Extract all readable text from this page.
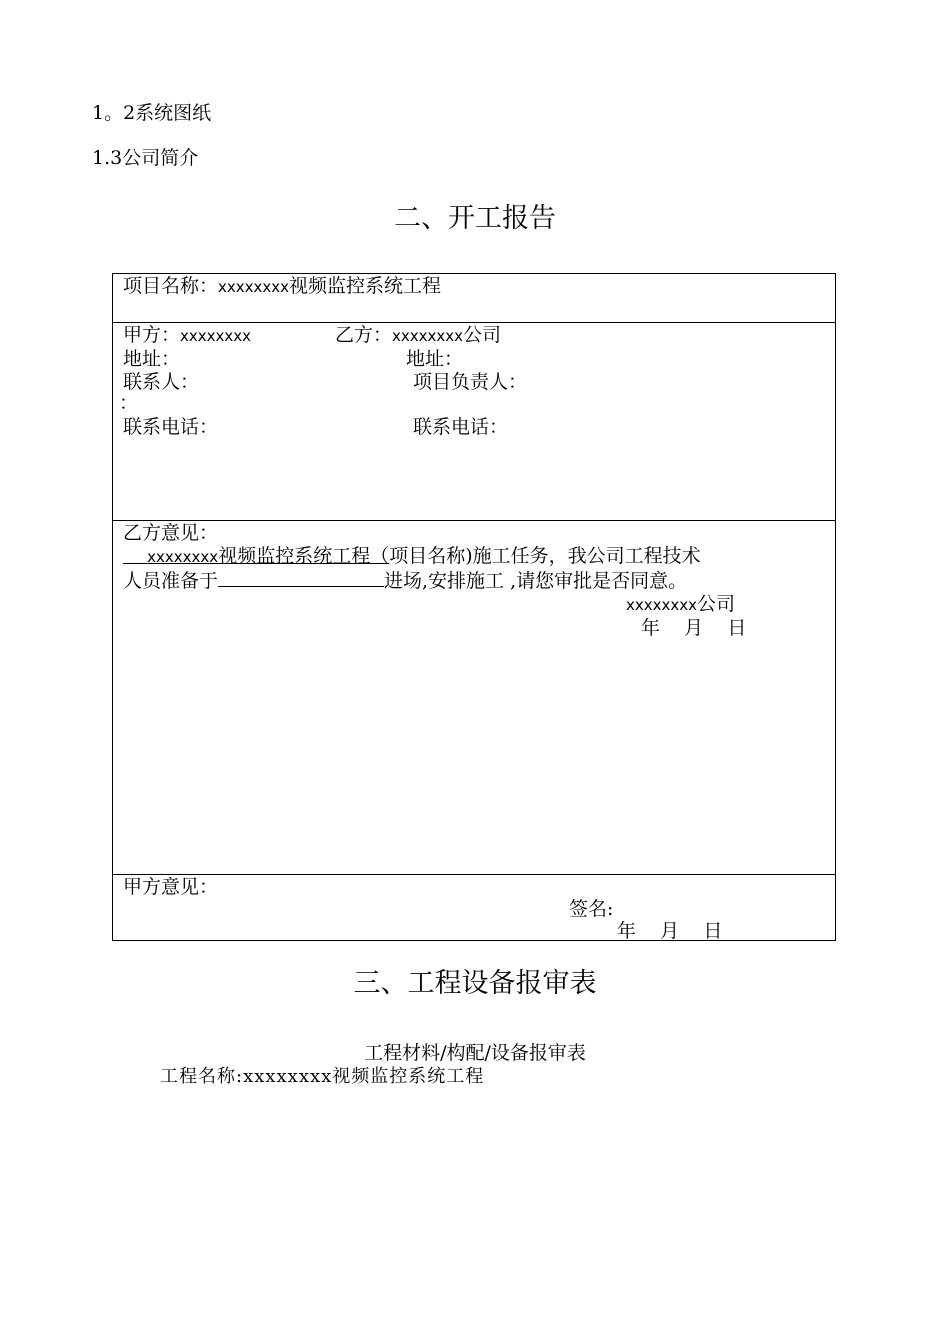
1。2系统图纸
1.3公司简介
二、开工报告
项目名称：xxxxxxxx视频监控系统工程
甲方：xxxxxxxx	乙方：xxxxxxxx公司
地址：	地址：
联系人：	项目负责人：
：
联系电话：	联系电话：
乙方意见：
xxxxxxxx视频监控系统工程（项目名称)施工任务，我公司工程技术
人员准备于	进场,安排施工 ,请您审批是否同意。
xxxxxxxx公司
年    月    日
甲方意见：
签名:
年    月    日
三、工程设备报审表
工程材料/构配/设备报审表
工程名称:xxxxxxxx视频监控系统工程
